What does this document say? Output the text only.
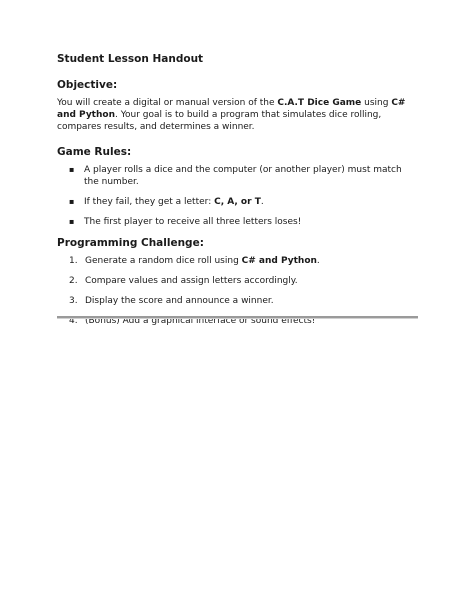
Student Lesson Handout
Objective:

You will create a digital or manual version of the C.A.T Dice Game using C# and Python. Your goal is to build a program that simulates dice rolling, compares results, and determines a winner.

Game Rules:
▪ A player rolls a dice and the computer (or another player) must match the number.
▪ If they fail, they get a letter: C, A, or T.
▪ The first player to receive all three letters loses!
Programming Challenge:
1. Generate a random dice roll using C# and Python.
2. Compare values and assign letters accordingly.
3. Display the score and announce a winner.
4. (Bonus) Add a graphical interface or sound effects!
